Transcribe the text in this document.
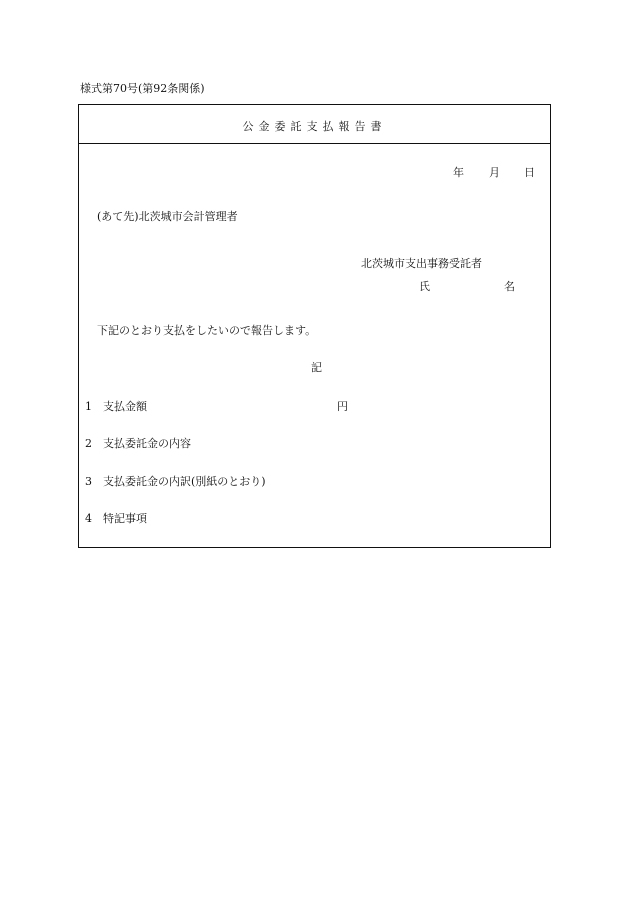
様式第70号(第92条関係)
公金委託支払報告書
年 月 日
(あて先)北茨城市会計管理者
北茨城市支出事務受託者
氏	名
下記のとおり支払をしたいので報告します。
記
1 支払金額	円
2 支払委託金の内容
3 支払委託金の内訳(別紙のとおり)
4 特記事項
